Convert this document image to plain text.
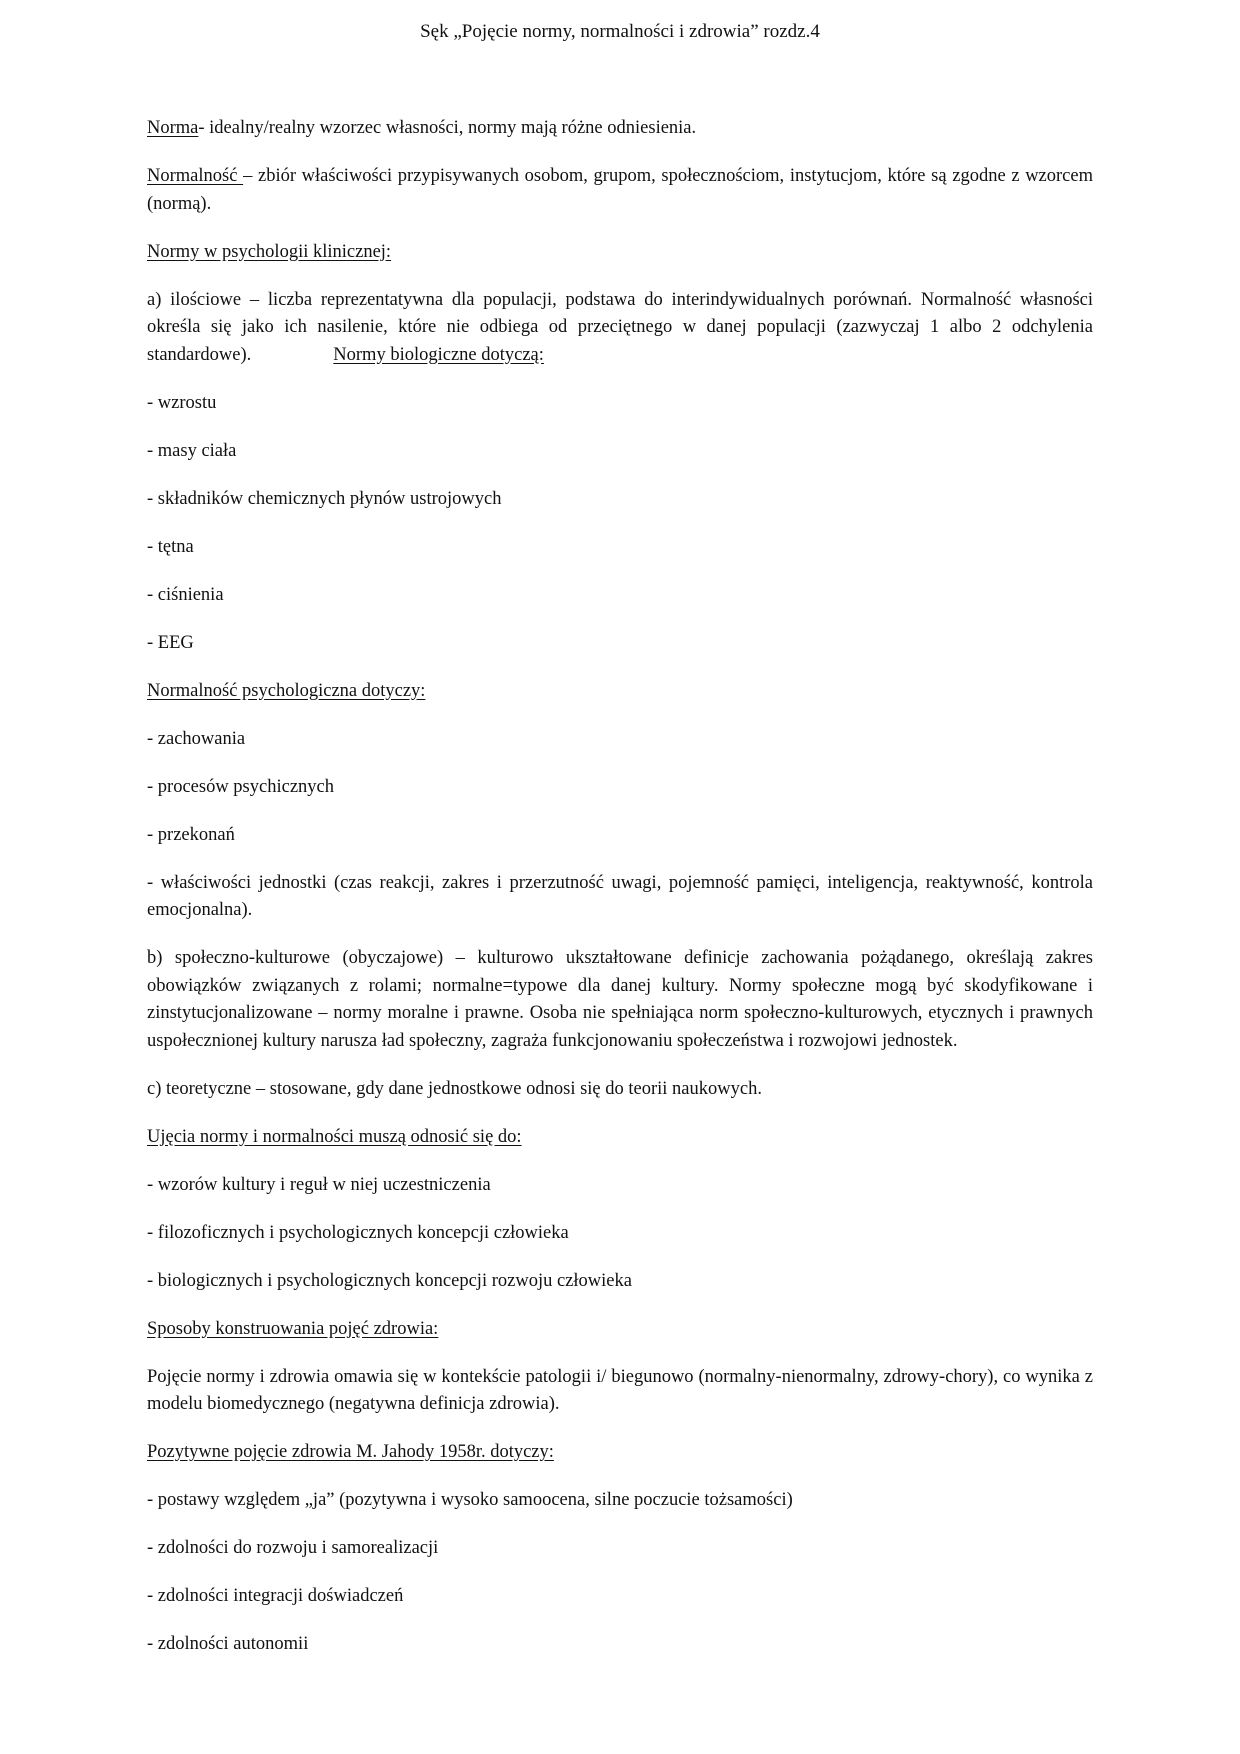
Sęk „Pojęcie normy, normalności i zdrowia” rozdz.4

Norma- idealny/realny wzorzec własności, normy mają różne odniesienia.

Normalność – zbiór właściwości przypisywanych osobom, grupom, społecznościom, instytucjom, które są zgodne z wzorcem (normą).

Normy w psychologii klinicznej:

a) ilościowe – liczba reprezentatywna dla populacji, podstawa do interindywidualnych porównań. Normalność własności określa się jako ich nasilenie, które nie odbiega od przeciętnego w danej populacji (zazwyczaj 1 albo 2 odchylenia standardowe).	Normy biologiczne dotyczą:

- wzrostu

- masy ciała

- składników chemicznych płynów ustrojowych

- tętna

- ciśnienia

- EEG

Normalność psychologiczna dotyczy:

- zachowania

- procesów psychicznych

- przekonań

- właściwości jednostki (czas reakcji, zakres i przerzutność uwagi, pojemność pamięci, inteligencja, reaktywność, kontrola emocjonalna).

b) społeczno-kulturowe (obyczajowe) – kulturowo ukształtowane definicje zachowania pożądanego, określają zakres obowiązków związanych z rolami; normalne=typowe dla danej kultury. Normy społeczne mogą być skodyfikowane i zinstytucjonalizowane – normy moralne i prawne. Osoba nie spełniająca norm społeczno-kulturowych, etycznych i prawnych uspołecznionej kultury narusza ład społeczny, zagraża funkcjonowaniu społeczeństwa i rozwojowi jednostek.

c) teoretyczne – stosowane, gdy dane jednostkowe odnosi się do teorii naukowych.

Ujęcia normy i normalności muszą odnosić się do:

- wzorów kultury i reguł w niej uczestniczenia

- filozoficznych i psychologicznych koncepcji człowieka

- biologicznych i psychologicznych koncepcji rozwoju człowieka

Sposoby konstruowania pojęć zdrowia:

Pojęcie normy i zdrowia omawia się w kontekście patologii i/ biegunowo (normalny-nienormalny, zdrowy-chory), co wynika z modelu biomedycznego (negatywna definicja zdrowia).

Pozytywne pojęcie zdrowia M. Jahody 1958r. dotyczy:

- postawy względem „ja” (pozytywna i wysoko samoocena, silne poczucie tożsamości)

- zdolności do rozwoju i samorealizacji

- zdolności integracji doświadczeń

- zdolności autonomii
